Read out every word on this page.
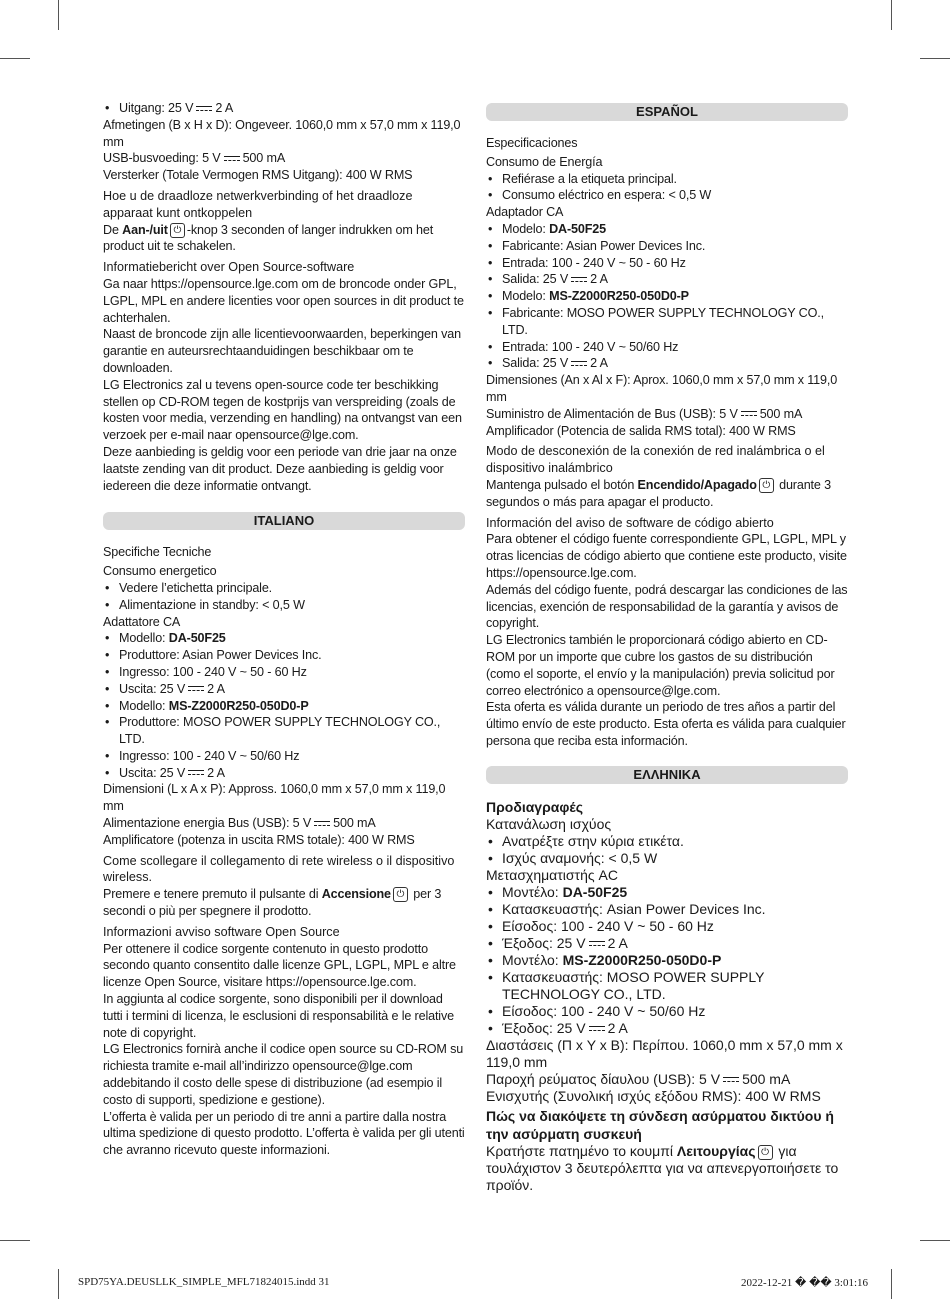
• Uitgang: 25 V 2 A

Afmetingen (B x H x D): Ongeveer. 1060,0 mm x 57,0 mm x 119,0 mm

USB-busvoeding: 5 V 500 mA

Versterker (Totale Vermogen RMS Uitgang): 400 W RMS

Hoe u de draadloze netwerkverbinding of het draadloze apparaat kunt ontkoppelen

De Aan-/uit ⏻ -knop 3 seconden of langer indrukken om het product uit te schakelen.

Informatiebericht over Open Source-software

Ga naar https://opensource.lge.com om de broncode onder GPL, LGPL, MPL en andere licenties voor open sources in dit product te achterhalen.

Naast de broncode zijn alle licentievoorwaarden, beperkingen van garantie en auteursrechtaanduidingen beschikbaar om te downloaden.

LG Electronics zal u tevens open-source code ter beschikking stellen op CD-ROM tegen de kostprijs van verspreiding (zoals de kosten voor media, verzending en handling) na ontvangst van een verzoek per e-mail naar opensource@lge.com.

Deze aanbieding is geldig voor een periode van drie jaar na onze laatste zending van dit product. Deze aanbieding is geldig voor iedereen die deze informatie ontvangt.

ITALIANO

Specifiche Tecniche

Consumo energetico

• Vedere l’etichetta principale.
• Alimentazione in standby: < 0,5 W

Adattatore CA

• Modello: DA-50F25
• Produttore: Asian Power Devices Inc.
• Ingresso: 100 - 240 V ~ 50 - 60 Hz
• Uscita: 25 V 2 A
• Modello: MS-Z2000R250-050D0-P
• Produttore: MOSO POWER SUPPLY TECHNOLOGY CO., LTD.
• Ingresso: 100 - 240 V ~ 50/60 Hz
• Uscita: 25 V 2 A

Dimensioni (L x A x P): Appross. 1060,0 mm x 57,0 mm x 119,0 mm

Alimentazione energia Bus (USB): 5 V 500 mA

Amplificatore (potenza in uscita RMS totale): 400 W RMS

Come scollegare il collegamento di rete wireless o il dispositivo wireless.

Premere e tenere premuto il pulsante di Accensione ⏻ per 3 secondi o più per spegnere il prodotto.

Informazioni avviso software Open Source

Per ottenere il codice sorgente contenuto in questo prodotto secondo quanto consentito dalle licenze GPL, LGPL, MPL e altre licenze Open Source, visitare https://opensource.lge.com.

In aggiunta al codice sorgente, sono disponibili per il download tutti i termini di licenza, le esclusioni di responsabilità e le relative note di copyright.

LG Electronics fornirà anche il codice open source su CD-ROM su richiesta tramite e-mail all’indirizzo opensource@lge.com addebitando il costo delle spese di distribuzione (ad esempio il costo di supporti, spedizione e gestione).

L’offerta è valida per un periodo di tre anni a partire dalla nostra ultima spedizione di questo prodotto. L’offerta è valida per gli utenti che avranno ricevuto queste informazioni.

ESPAÑOL

Especificaciones

Consumo de Energía

• Refiérase a la etiqueta principal.
• Consumo eléctrico en espera: < 0,5 W

Adaptador CA

• Modelo: DA-50F25
• Fabricante: Asian Power Devices Inc.
• Entrada: 100 - 240 V ~ 50 - 60 Hz
• Salida: 25 V 2 A
• Modelo: MS-Z2000R250-050D0-P
• Fabricante: MOSO POWER SUPPLY TECHNOLOGY CO., LTD.
• Entrada: 100 - 240 V ~ 50/60 Hz
• Salida: 25 V 2 A

Dimensiones (An x Al x F): Aprox. 1060,0 mm x 57,0 mm x 119,0 mm

Suministro de Alimentación de Bus (USB): 5 V 500 mA

Amplificador (Potencia de salida RMS total): 400 W RMS

Modo de desconexión de la conexión de red inalámbrica o el dispositivo inalámbrico

Mantenga pulsado el botón Encendido/Apagado ⏻ durante 3 segundos o más para apagar el producto.

Información del aviso de software de código abierto

Para obtener el código fuente correspondiente GPL, LGPL, MPL y otras licencias de código abierto que contiene este producto, visite https://opensource.lge.com.

Además del código fuente, podrá descargar las condiciones de las licencias, exención de responsabilidad de la garantía y avisos de copyright.

LG Electronics también le proporcionará código abierto en CD-ROM por un importe que cubre los gastos de su distribución (como el soporte, el envío y la manipulación) previa solicitud por correo electrónico a opensource@lge.com.

Esta oferta es válida durante un periodo de tres años a partir del último envío de este producto. Esta oferta es válida para cualquier persona que reciba esta información.

ΕΛΛΗΝΙΚΑ

Προδιαγραφές

Κατανάλωση ισχύος

• Ανατρέξτε στην κύρια ετικέτα.
• Ισχύς αναμονής: < 0,5 W

Μετασχηματιστής AC

• Μοντέλο: DA-50F25
• Κατασκευαστής: Asian Power Devices Inc.
• Είσοδος: 100 - 240 V ~ 50 - 60 Hz
• Έξοδος: 25 V 2 A
• Μοντέλο: MS-Z2000R250-050D0-P
• Κατασκευαστής: MOSO POWER SUPPLY TECHNOLOGY CO., LTD.
• Είσοδος: 100 - 240 V ~ 50/60 Hz
• Έξοδος: 25 V 2 A

Διαστάσεις (Π x Υ x Β): Περίπου. 1060,0 mm x 57,0 mm x 119,0 mm

Παροχή ρεύματος δίαυλου (USB): 5 V 500 mA

Ενισχυτής (Συνολική ισχύς εξόδου RMS): 400 W RMS

Πώς να διακόψετε τη σύνδεση ασύρματου δικτύου ή την ασύρματη συσκευή

Κρατήστε πατημένο το κουμπί Λειτουργίας ⏻ για τουλάχιστον 3 δευτερόλεπτα για να απενεργοποιήσετε το προϊόν.

SPD75YA.DEUSLLK_SIMPLE_MFL71824015.indd 31	2022-12-21 � �� 3:01:16
